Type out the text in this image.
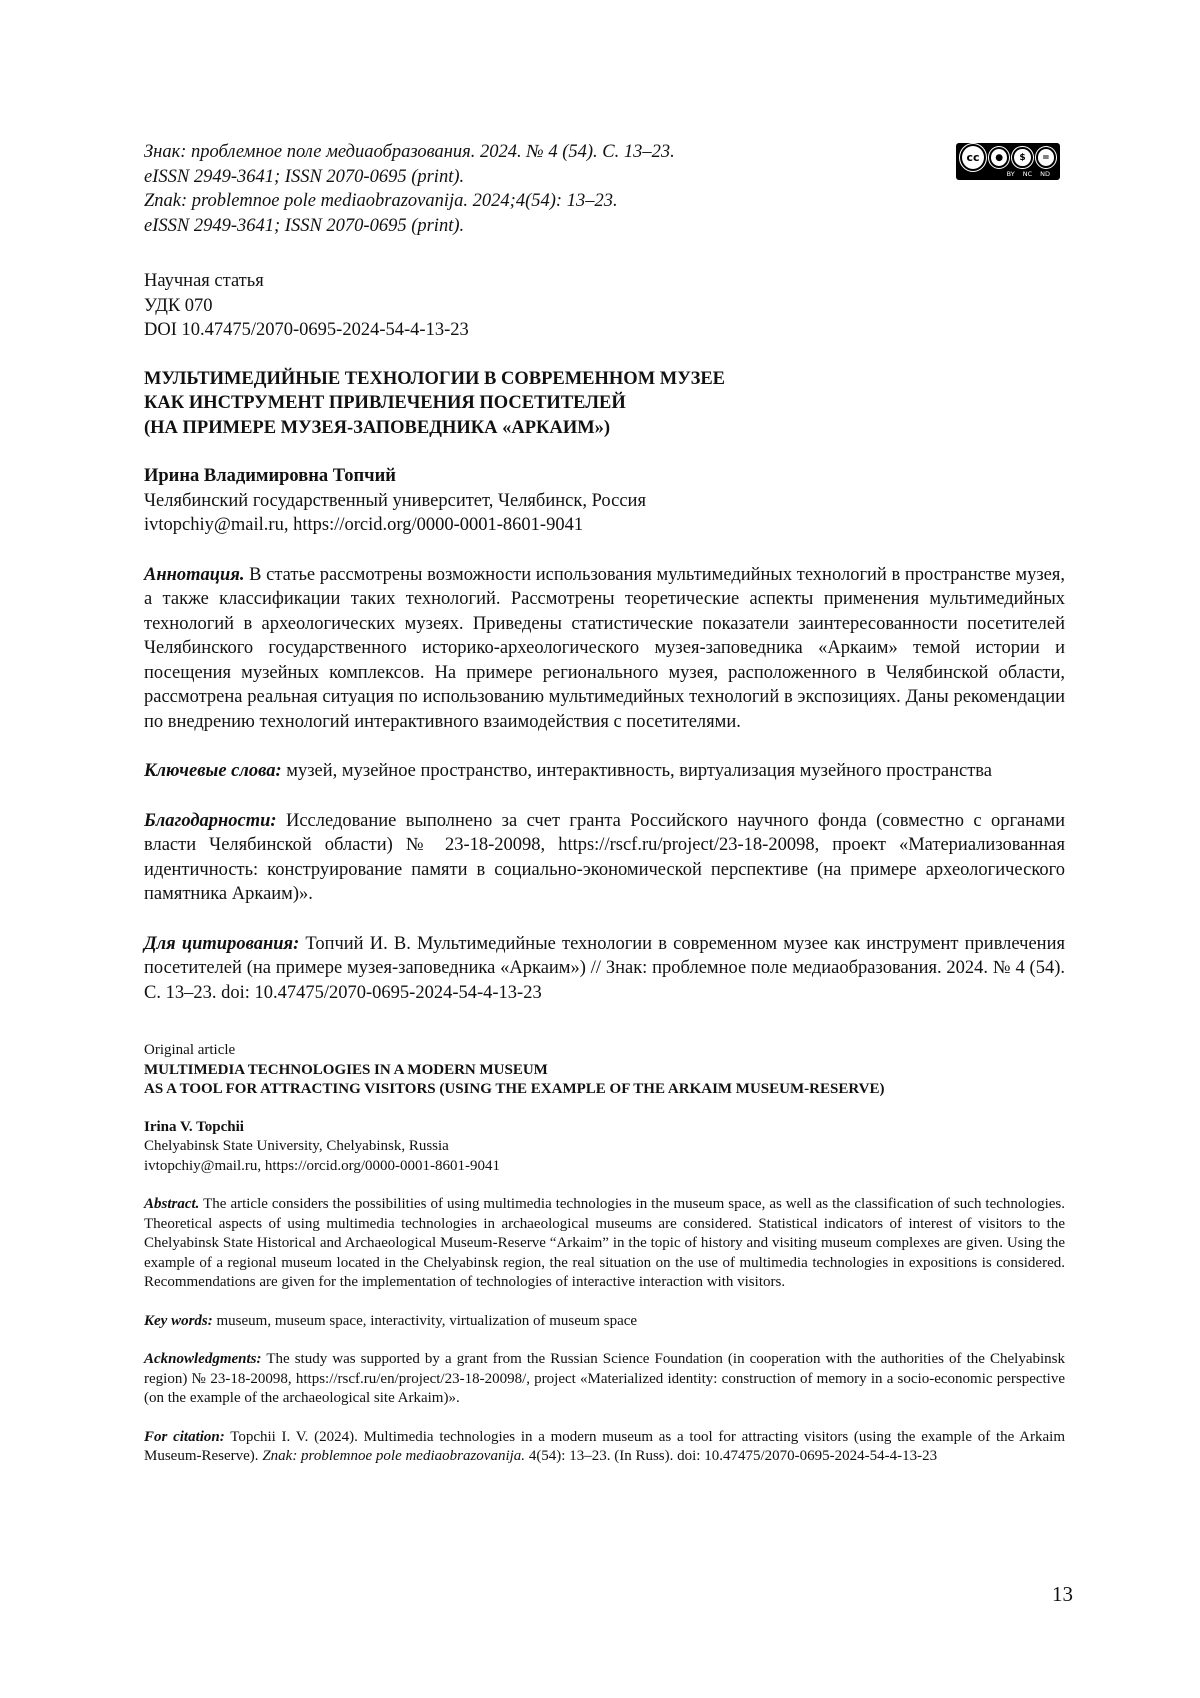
cc	●	$	=
BY NC ND
Знак: проблемное поле медиаобразования. 2024. № 4 (54). С. 13–23.
eISSN 2949-3641; ISSN 2070-0695 (print).
Znak: problemnoe pole mediaobrazovanija. 2024;4(54): 13–23.
eISSN 2949-3641; ISSN 2070-0695 (print).
Научная статья
УДК 070
DOI 10.47475/2070-0695-2024-54-4-13-23
МУЛЬТИМЕДИЙНЫЕ ТЕХНОЛОГИИ В СОВРЕМЕННОМ МУЗЕЕ
КАК ИНСТРУМЕНТ ПРИВЛЕЧЕНИЯ ПОСЕТИТЕЛЕЙ
(НА ПРИМЕРЕ МУЗЕЯ-ЗАПОВЕДНИКА «АРКАИМ»)
Ирина Владимировна Топчий
Челябинский государственный университет, Челябинск, Россия
ivtopchiy@mail.ru, https://orcid.org/0000-0001-8601-9041
Аннотация. В статье рассмотрены возможности использования мультимедийных технологий в пространстве музея, а также классификации таких технологий. Рассмотрены теоретические аспекты применения мультимедийных технологий в археологических музеях. Приведены статистические показатели заинтересованности посетителей Челябинского государственного историко-археологического музея-заповедника «Аркаим» темой истории и посещения музейных комплексов. На примере регионального музея, расположенного в Челябинской области, рассмотрена реальная ситуация по использованию мультимедийных технологий в экспозициях. Даны рекомендации по внедрению технологий интерактивного взаимодействия с посетителями.
Ключевые слова: музей, музейное пространство, интерактивность, виртуализация музейного пространства
Благодарности: Исследование выполнено за счет гранта Российского научного фонда (совместно с органами власти Челябинской области) № 23-18-20098, https://rscf.ru/project/23-18-20098, проект «Материализованная идентичность: конструирование памяти в социально-экономической перспективе (на примере археологического памятника Аркаим)».
Для цитирования: Топчий И. В. Мультимедийные технологии в современном музее как инструмент привлечения посетителей (на примере музея-заповедника «Аркаим») // Знак: проблемное поле медиаобразования. 2024. № 4 (54). С. 13–23. doi: 10.47475/2070-0695-2024-54-4-13-23
Original article
MULTIMEDIA TECHNOLOGIES IN A MODERN MUSEUM
AS A TOOL FOR ATTRACTING VISITORS (USING THE EXAMPLE OF THE ARKAIM MUSEUM-RESERVE)
Irina V. Topchii
Chelyabinsk State University, Chelyabinsk, Russia
ivtopchiy@mail.ru, https://orcid.org/0000-0001-8601-9041
Abstract. The article considers the possibilities of using multimedia technologies in the museum space, as well as the classification of such technologies. Theoretical aspects of using multimedia technologies in archaeological museums are considered. Statistical indicators of interest of visitors to the Chelyabinsk State Historical and Archaeological Museum-Reserve “Arkaim” in the topic of history and visiting museum complexes are given. Using the example of a regional museum located in the Chelyabinsk region, the real situation on the use of multimedia technologies in expositions is considered. Recommendations are given for the implementation of technologies of interactive interaction with visitors.
Key words: museum, museum space, interactivity, virtualization of museum space
Acknowledgments: The study was supported by a grant from the Russian Science Foundation (in cooperation with the authorities of the Chelyabinsk region) № 23-18-20098, https://rscf.ru/en/project/23-18-20098/, project «Materialized identity: construction of memory in a socio-economic perspective (on the example of the archaeological site Arkaim)».
For citation: Topchii I. V. (2024). Multimedia technologies in a modern museum as a tool for attracting visitors (using the example of the Arkaim Museum-Reserve). Znak: problemnoe pole mediaobrazovanija. 4(54): 13–23. (In Russ). doi: 10.47475/2070-0695-2024-54-4-13-23
13
